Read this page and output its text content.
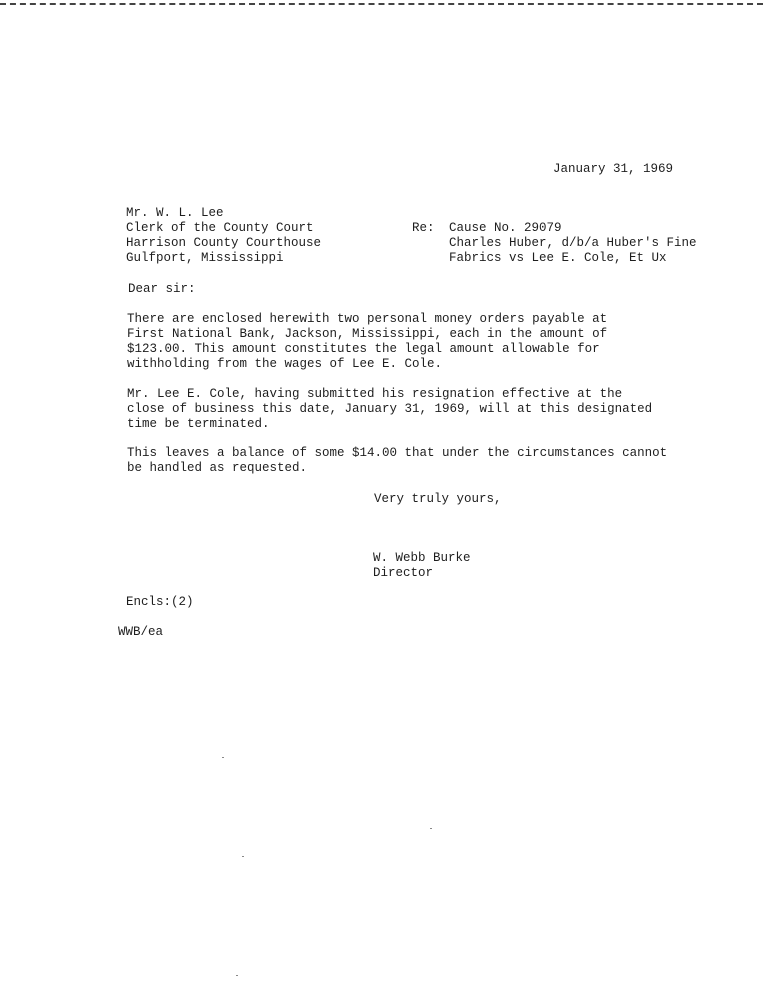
January 31, 1969
Mr. W. L. Lee
Clerk of the County Court
Harrison County Courthouse
Gulfport, Mississippi
Re: Cause No. 29079
Charles Huber, d/b/a Huber's Fine
Fabrics vs Lee E. Cole, Et Ux
Dear sir:
There are enclosed herewith two personal money orders payable at
First National Bank, Jackson, Mississippi, each in the amount of
$123.00. This amount constitutes the legal amount allowable for
withholding from the wages of Lee E. Cole.
Mr. Lee E. Cole, having submitted his resignation effective at the
close of business this date, January 31, 1969, will at this designated
time be terminated.
This leaves a balance of some $14.00 that under the circumstances cannot
be handled as requested.
Very truly yours,
W. Webb Burke
Director
Encls:(2)
WWB/ea
